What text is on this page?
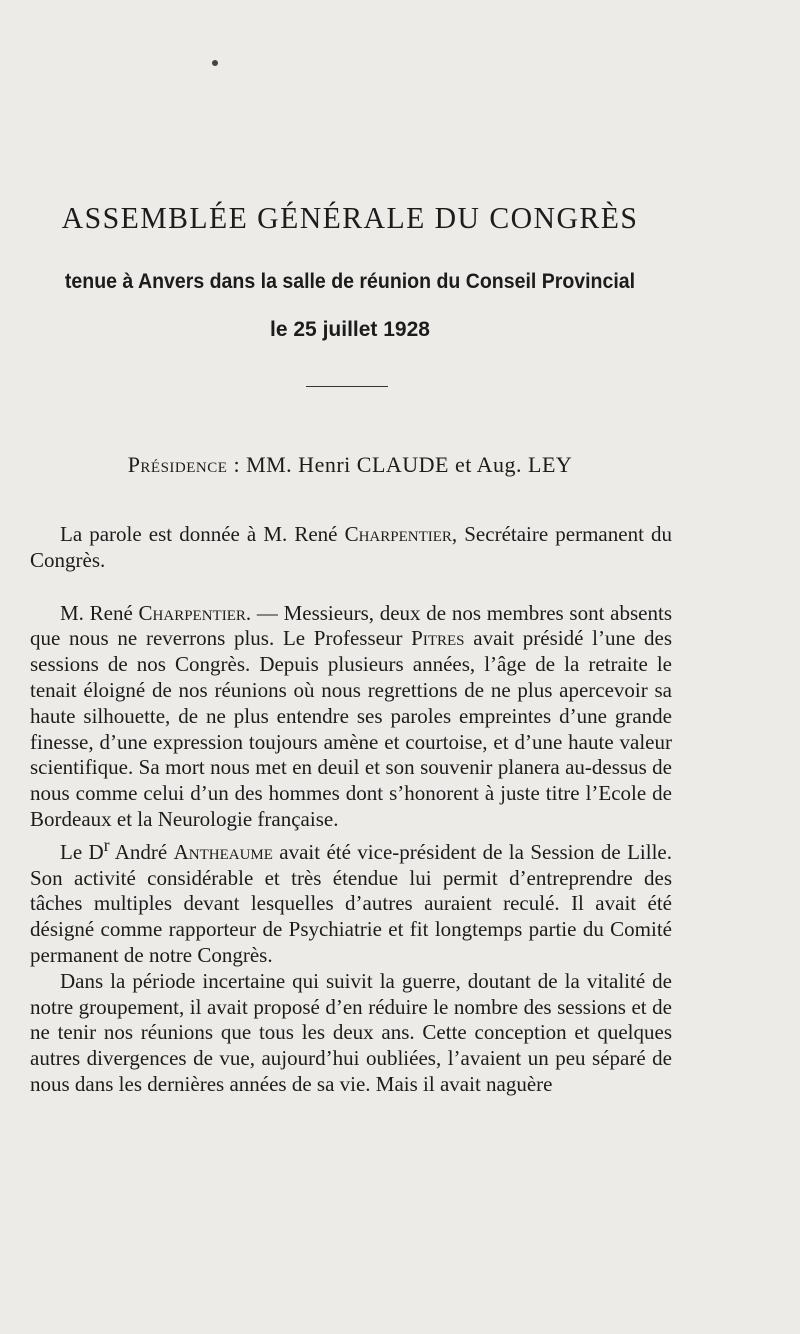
ASSEMBLÉE GÉNÉRALE DU CONGRÈS
tenue à Anvers dans la salle de réunion du Conseil Provincial
le 25 juillet 1928
Présidence : MM. Henri CLAUDE et Aug. LEY

La parole est donnée à M. René Charpentier, Secrétaire permanent du Congrès.

M. René Charpentier. — Messieurs, deux de nos membres sont absents que nous ne reverrons plus. Le Professeur Pitres avait présidé l’une des sessions de nos Congrès. Depuis plusieurs années, l’âge de la retraite le tenait éloigné de nos réunions où nous regrettions de ne plus apercevoir sa haute silhouette, de ne plus entendre ses paroles empreintes d’une grande finesse, d’une expression toujours amène et courtoise, et d’une haute valeur scientifique. Sa mort nous met en deuil et son souvenir planera au-dessus de nous comme celui d’un des hommes dont s’honorent à juste titre l’Ecole de Bordeaux et la Neurologie française.

Le $D^r$ André Antheaume avait été vice-président de la Session de Lille. Son activité considérable et très étendue lui permit d’entreprendre des tâches multiples devant lesquelles d’autres auraient reculé. Il avait été désigné comme rapporteur de Psychiatrie et fit longtemps partie du Comité permanent de notre Congrès.

Dans la période incertaine qui suivit la guerre, doutant de la vitalité de notre groupement, il avait proposé d’en réduire le nombre des sessions et de ne tenir nos réunions que tous les deux ans. Cette conception et quelques autres divergences de vue, aujourd’hui oubliées, l’avaient un peu séparé de nous dans les dernières années de sa vie. Mais il avait naguère
